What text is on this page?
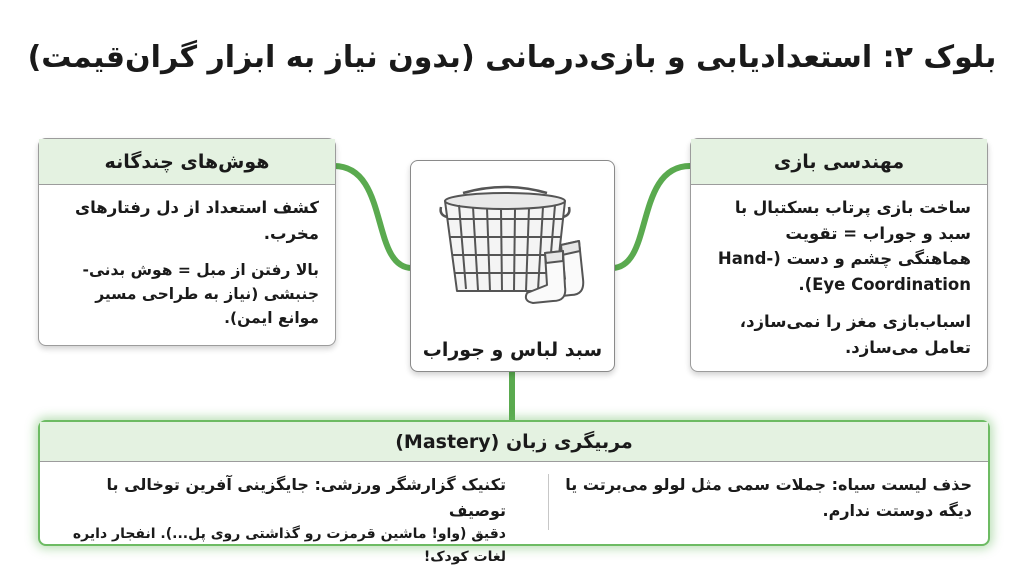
بلوک ۲: استعدادیابی و بازی‌درمانی (بدون نیاز به ابزار گران‌قیمت)
هوش‌های چندگانه

کشف استعداد از دل رفتارهای مخرب.

بالا رفتن از مبل = هوش بدنی-جنبشی (نیاز به طراحی مسیر موانع ایمن).

مهندسی بازی

ساخت بازی پرتاب بسکتبال با سبد و جوراب = تقویت هماهنگی چشم و دست (Hand-Eye Coordination).

اسباب‌بازی مغز را نمی‌سازد، تعامل می‌سازد.

سبد لباس و جوراب
مربیگری زبان (Mastery)
حذف لیست سیاه: جملات سمی مثل لولو می‌برتت یا دیگه دوستت ندارم.
تکنیک گزارشگر ورزشی: جایگزینی آفرین توخالی با توصیف
دقیق (واو! ماشین قرمزت رو گذاشتی روی پل...). انفجار دایره لغات کودک!
